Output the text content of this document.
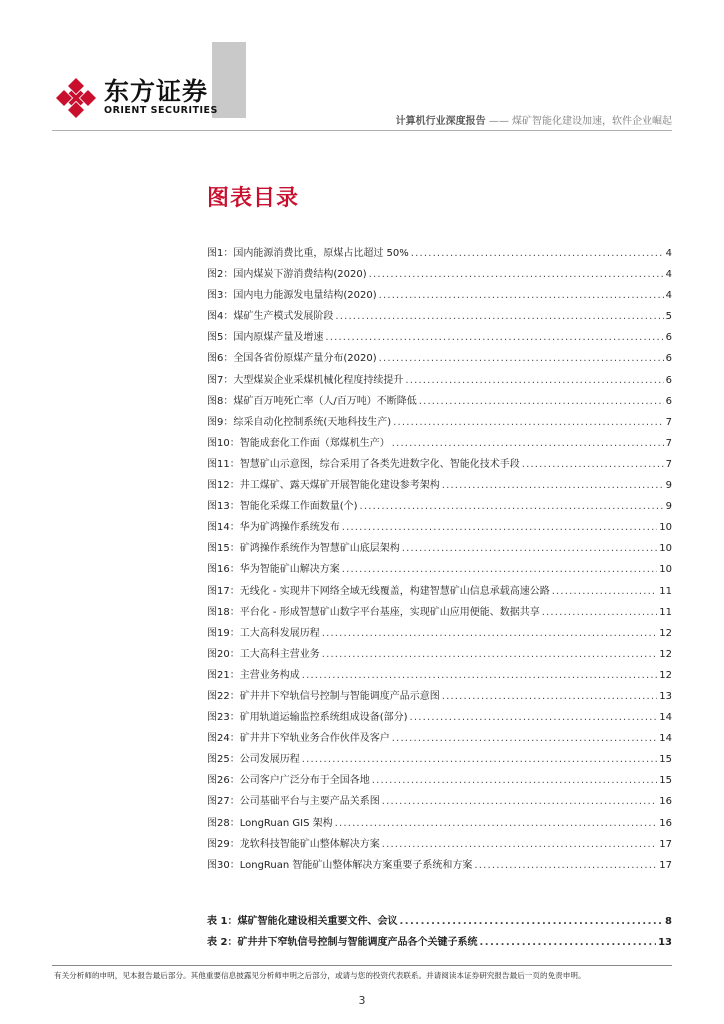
东方证券
ORIENT SECURITIES
计算机行业深度报告 —— 煤矿智能化建设加速，软件企业崛起
图表目录
图1：国内能源消费比重，原煤占比超过 50% . . .	4
图2：国内煤炭下游消费结构(2020) . . .	4
图3：国内电力能源发电量结构(2020) . . .	4
图4：煤矿生产模式发展阶段 . . .	5
图5：国内原煤产量及增速 . . .	6
图6：全国各省份原煤产量分布(2020) . . .	6
图7：大型煤炭企业采煤机械化程度持续提升 . . .	6
图8：煤矿百万吨死亡率（人/百万吨）不断降低 . . .	6
图9：综采自动化控制系统(天地科技生产) . . .	7
图10：智能成套化工作面（郑煤机生产） . . .	7
图11：智慧矿山示意图，综合采用了各类先进数字化、智能化技术手段 . . .	7
图12：井工煤矿、露天煤矿开展智能化建设参考架构 . . .	9
图13：智能化采煤工作面数量(个) . . .	9
图14：华为矿鸿操作系统发布 . . .	10
图15：矿鸿操作系统作为智慧矿山底层架构 . . .	10
图16：华为智能矿山解决方案 . . .	10
图17：无线化 - 实现井下网络全域无线覆盖，构建智慧矿山信息承载高速公路 . . .	11
图18：平台化 - 形成智慧矿山数字平台基座，实现矿山应用便能、数据共享 . . .	11
图19：工大高科发展历程 . . .	12
图20：工大高科主营业务 . . .	12
图21：主营业务构成 . . .	12
图22：矿井井下窄轨信号控制与智能调度产品示意图 . . .	13
图23：矿用轨道运输监控系统组成设备(部分) . . .	14
图24：矿井井下窄轨业务合作伙伴及客户 . . .	14
图25：公司发展历程 . . .	15
图26：公司客户广泛分布于全国各地 . . .	15
图27：公司基础平台与主要产品关系图 . . .	16
图28：LongRuan GIS 架构 . . .	16
图29：龙软科技智能矿山整体解决方案 . . .	17
图30：LongRuan 智能矿山整体解决方案重要子系统和方案 . . .	17
表 1：煤矿智能化建设相关重要文件、会议 . . .	8
表 2：矿井井下窄轨信号控制与智能调度产品各个关键子系统 . . .	13
有关分析师的申明，见本报告最后部分。其他重要信息披露见分析师申明之后部分，或请与您的投资代表联系。并请阅读本证券研究报告最后一页的免责申明。
3
